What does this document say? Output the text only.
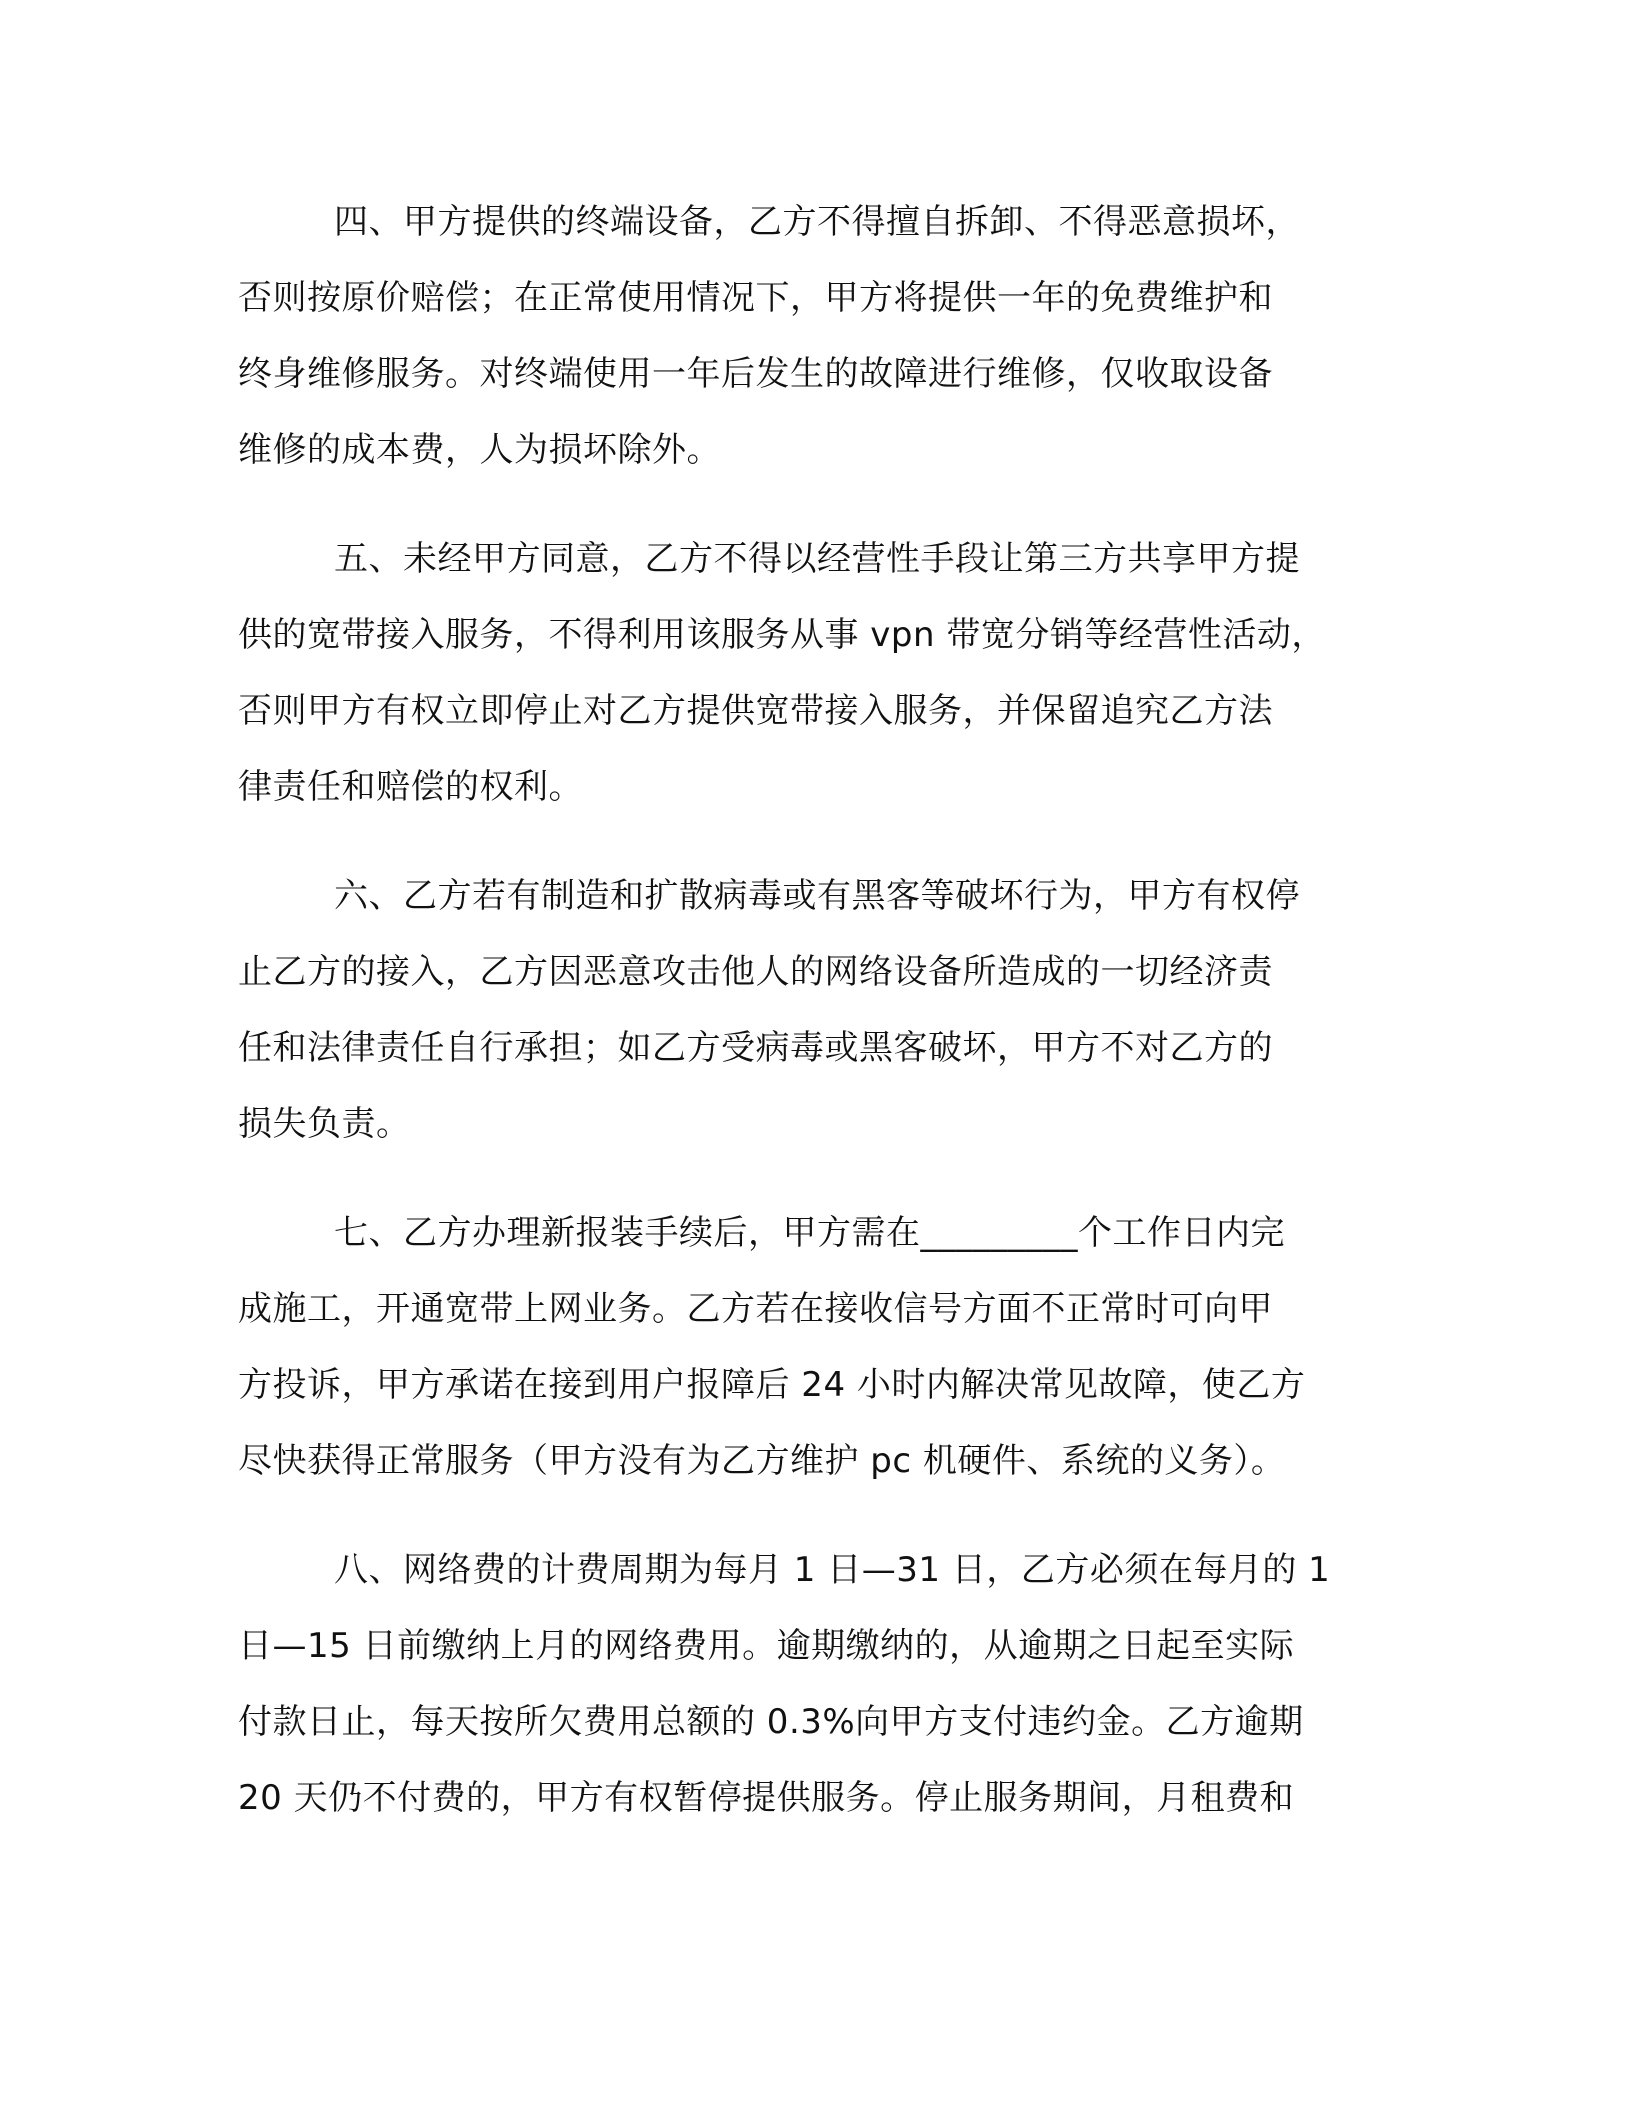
四、甲方提供的终端设备，乙方不得擅自拆卸、不得恶意损坏，
否则按原价赔偿；在正常使用情况下，甲方将提供一年的免费维护和
终身维修服务。对终端使用一年后发生的故障进行维修，仅收取设备
维修的成本费，人为损坏除外。
五、未经甲方同意，乙方不得以经营性手段让第三方共享甲方提
供的宽带接入服务，不得利用该服务从事 vpn 带宽分销等经营性活动，
否则甲方有权立即停止对乙方提供宽带接入服务，并保留追究乙方法
律责任和赔偿的权利。
六、乙方若有制造和扩散病毒或有黑客等破坏行为，甲方有权停
止乙方的接入，乙方因恶意攻击他人的网络设备所造成的一切经济责
任和法律责任自行承担；如乙方受病毒或黑客破坏，甲方不对乙方的
损失负责。
七、乙方办理新报装手续后，甲方需在_________个工作日内完
成施工，开通宽带上网业务。乙方若在接收信号方面不正常时可向甲
方投诉，甲方承诺在接到用户报障后 24 小时内解决常见故障，使乙方
尽快获得正常服务（甲方没有为乙方维护 pc 机硬件、系统的义务）。
八、网络费的计费周期为每月 1 日—31 日，乙方必须在每月的 1
日—15 日前缴纳上月的网络费用。逾期缴纳的，从逾期之日起至实际
付款日止，每天按所欠费用总额的 0.3%向甲方支付违约金。乙方逾期
20 天仍不付费的，甲方有权暂停提供服务。停止服务期间，月租费和
